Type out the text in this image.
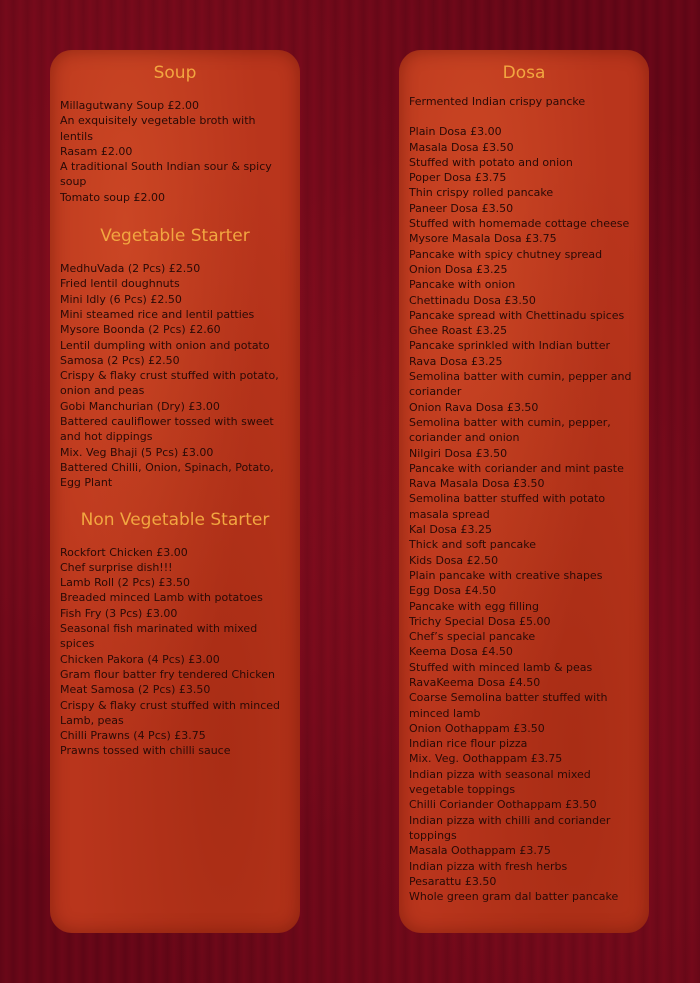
Soup
Millagutwany Soup £2.00
An exquisitely vegetable broth with
lentils
Rasam £2.00
A traditional South Indian sour & spicy
soup
Tomato soup £2.00
Vegetable Starter
MedhuVada (2 Pcs) £2.50
Fried lentil doughnuts
Mini Idly (6 Pcs) £2.50
Mini steamed rice and lentil patties
Mysore Boonda (2 Pcs) £2.60
Lentil dumpling with onion and potato
Samosa (2 Pcs) £2.50
Crispy & flaky crust stuffed with potato,
onion and peas
Gobi Manchurian (Dry) £3.00
Battered cauliflower tossed with sweet
and hot dippings
Mix. Veg Bhaji (5 Pcs) £3.00
Battered Chilli, Onion, Spinach, Potato,
Egg Plant
Non Vegetable Starter
Rockfort Chicken £3.00
Chef surprise dish!!!
Lamb Roll (2 Pcs) £3.50
Breaded minced Lamb with potatoes
Fish Fry (3 Pcs) £3.00
Seasonal fish marinated with mixed
spices
Chicken Pakora (4 Pcs) £3.00
Gram flour batter fry tendered Chicken
Meat Samosa (2 Pcs) £3.50
Crispy & flaky crust stuffed with minced
Lamb, peas
Chilli Prawns (4 Pcs) £3.75
Prawns tossed with chilli sauce
Dosa
Fermented Indian crispy pancke
Plain Dosa £3.00
Masala Dosa £3.50
Stuffed with potato and onion
Poper Dosa £3.75
Thin crispy rolled pancake
Paneer Dosa £3.50
Stuffed with homemade cottage cheese
Mysore Masala Dosa £3.75
Pancake with spicy chutney spread
Onion Dosa £3.25
Pancake with onion
Chettinadu Dosa £3.50
Pancake spread with Chettinadu spices
Ghee Roast £3.25
Pancake sprinkled with Indian butter
Rava Dosa £3.25
Semolina batter with cumin, pepper and
coriander
Onion Rava Dosa £3.50
Semolina batter with cumin, pepper,
coriander and onion
Nilgiri Dosa £3.50
Pancake with coriander and mint paste
Rava Masala Dosa £3.50
Semolina batter stuffed with potato
masala spread
Kal Dosa £3.25
Thick and soft pancake
Kids Dosa £2.50
Plain pancake with creative shapes
Egg Dosa £4.50
Pancake with egg filling
Trichy Special Dosa £5.00
Chef’s special pancake
Keema Dosa £4.50
Stuffed with minced lamb & peas
RavaKeema Dosa £4.50
Coarse Semolina batter stuffed with
minced lamb
Onion Oothappam £3.50
Indian rice flour pizza
Mix. Veg. Oothappam £3.75
Indian pizza with seasonal mixed
vegetable toppings
Chilli Coriander Oothappam £3.50
Indian pizza with chilli and coriander
toppings
Masala Oothappam £3.75
Indian pizza with fresh herbs
Pesarattu £3.50
Whole green gram dal batter pancake
